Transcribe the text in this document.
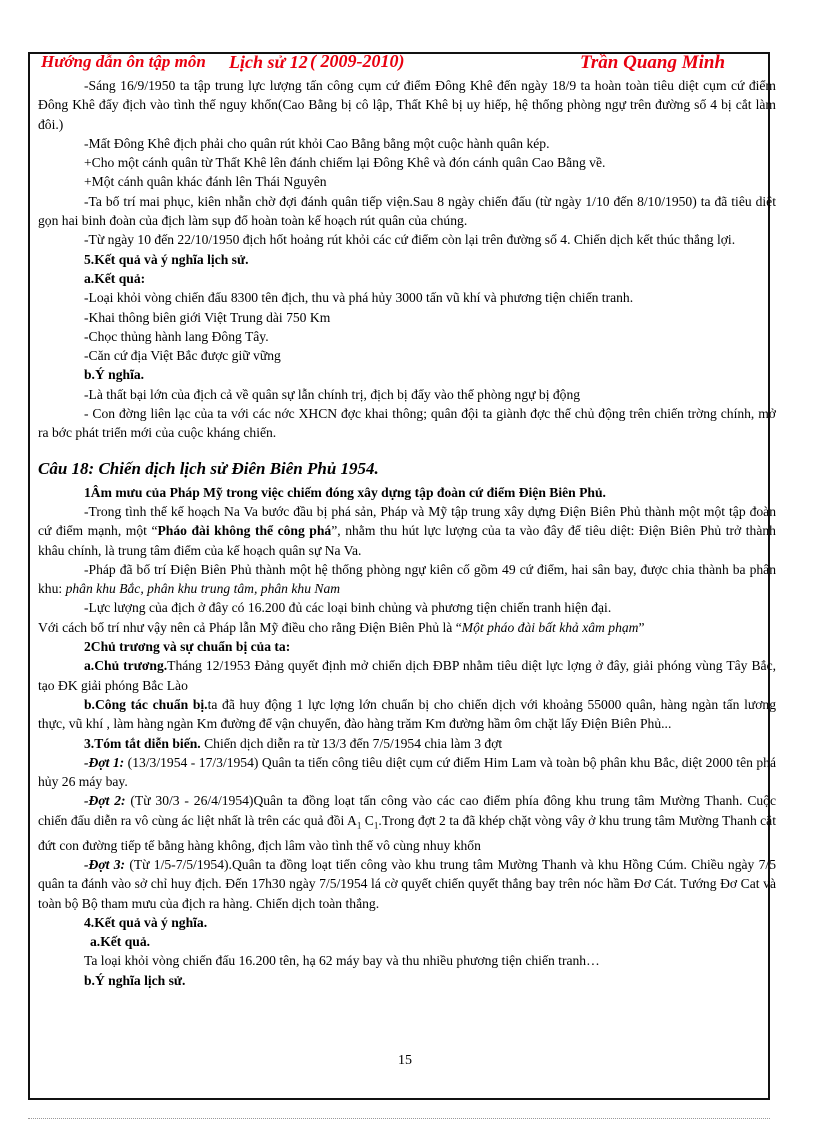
Hướng dẫn ôn tập môn Lịch sử 12 ( 2009-2010)	Trần Quang Minh

-Sáng 16/9/1950 ta tập trung lực lượng tấn công cụm cứ điểm Đông Khê đến ngày 18/9 ta hoàn toàn tiêu diệt cụm cứ điểm Đông Khê đẩy địch vào tình thế nguy khốn(Cao Bằng bị cô lập, Thất Khê bị uy hiếp, hệ thống phòng ngự trên đường số 4 bị cắt làm đôi.)

-Mất Đông Khê địch phải cho quân rút khỏi Cao Bằng bằng một cuộc hành quân kép.

+Cho một cánh quân từ Thất Khê lên đánh chiếm lại Đông Khê và đón cánh quân Cao Bằng về.

+Một cánh quân khác đánh lên Thái Nguyên

-Ta bố trí mai phục, kiên nhẫn chờ đợi đánh quân tiếp viện.Sau 8 ngày chiến đấu (từ ngày 1/10 đến 8/10/1950) ta đã tiêu diệt gọn hai binh đoàn của địch làm sụp đổ hoàn toàn kế hoạch rút quân của chúng.

-Từ ngày 10 đến 22/10/1950 địch hốt hoảng rút khỏi các cứ điểm còn lại trên đường số 4. Chiến dịch kết thúc thắng lợi.

5.Kết quả và ý nghĩa lịch sử.

a.Kết quả:

-Loại khỏi vòng chiến đấu 8300 tên địch, thu và phá hủy 3000 tấn vũ khí và phương tiện chiến tranh.

-Khai thông biên giới Việt Trung dài 750 Km

-Chọc thủng hành lang Đông Tây.

-Căn cứ địa Việt Bắc được giữ vững

b.Ý nghĩa.

-Là thất bại lớn của địch cả về quân sự lẫn chính trị, địch bị đẩy vào thế phòng ngự bị động

- Con đờng liên lạc của ta với các nớc XHCN đợc khai thông; quân đội ta giành đợc thế chủ động trên chiến trờng chính, mở ra bớc phát triển mới của cuộc kháng chiến.

Câu 18: Chiến dịch lịch sử Điên Biên Phủ 1954.

1Âm mưu của Pháp Mỹ trong việc chiếm đóng xây dựng tập đoàn cứ điểm Điện Biên Phủ.

-Trong tình thế kế hoạch Na Va bước đầu bị phá sản, Pháp và Mỹ tập trung xây dựng Điện Biên Phủ thành một một tập đoàn cứ điểm mạnh, một “Pháo đài không thể công phá”, nhằm thu hút lực lượng của ta vào đây để tiêu diệt: Điện Biên Phủ trở thành khâu chính, là trung tâm điểm của kế hoạch quân sự Na Va.

-Pháp đã bố trí Điện Biên Phủ thành một hệ thống phòng ngự kiên cố gồm 49 cứ điểm, hai sân bay, được chia thành ba phân khu: phân khu Bắc, phân khu trung tâm, phân khu Nam

-Lực lượng của địch ở đây có 16.200 đủ các loại binh chủng và phương tiện chiến tranh hiện đại.

Với cách bố trí như vậy nên cả Pháp lẫn Mỹ điều cho rằng Điện Biên Phủ là “Một pháo đài bất khả xâm phạm”

2Chủ trương và sự chuẩn bị của ta:

a.Chủ trương.Tháng 12/1953 Đảng quyết định mở chiến dịch ĐBP nhằm tiêu diệt lực lợng ở đây, giải phóng vùng Tây Bắc, tạo ĐK giải phóng Bắc Lào

b.Công tác chuẩn bị.ta đã huy động 1 lực lợng lớn chuẩn bị cho chiến dịch với khoảng 55000 quân, hàng ngàn tấn lương thực, vũ khí , làm hàng ngàn Km đường để vận chuyển, đào hàng trăm Km đường hầm ôm chặt lấy Điện Biên Phủ...

3.Tóm tắt diễn biến. Chiến dịch diễn ra từ 13/3 đến 7/5/1954 chia làm 3 đợt

-Đợt 1: (13/3/1954 - 17/3/1954) Quân ta tiến công tiêu diệt cụm cứ điểm Him Lam và toàn bộ phân khu Bắc, diệt 2000 tên phá hủy 26 máy bay.

-Đợt 2: (Từ 30/3 - 26/4/1954)Quân ta đồng loạt tấn công vào các cao điểm phía đông khu trung tâm Mường Thanh. Cuộc chiến đấu diễn ra vô cùng ác liệt nhất là trên các quả đồi $A_1$ $C_1.Trong$ đợt 2 ta đã khép chặt vòng vây ở khu trung tâm Mường Thanh cắt đứt con đường tiếp tế bằng hàng không, địch lâm vào tình thế vô cùng nhuy khốn

-Đợt 3: (Từ 1/5-7/5/1954).Quân ta đồng loạt tiến công vào khu trung tâm Mường Thanh và khu Hồng Cúm. Chiều ngày 7/5 quân ta đánh vào sở chỉ huy địch. Đến 17h30 ngày 7/5/1954 lá cờ quyết chiến quyết thắng bay trên nóc hầm Đơ Cát. Tướng Đơ Cat và toàn bộ Bộ tham mưu của địch ra hàng. Chiến dịch toàn thắng.

4.Kết quả và ý nghĩa.

a.Kết quả.

Ta loại khỏi vòng chiến đấu 16.200 tên, hạ 62 máy bay và thu nhiều phương tiện chiến tranh…

b.Ý nghĩa lịch sử.

15
